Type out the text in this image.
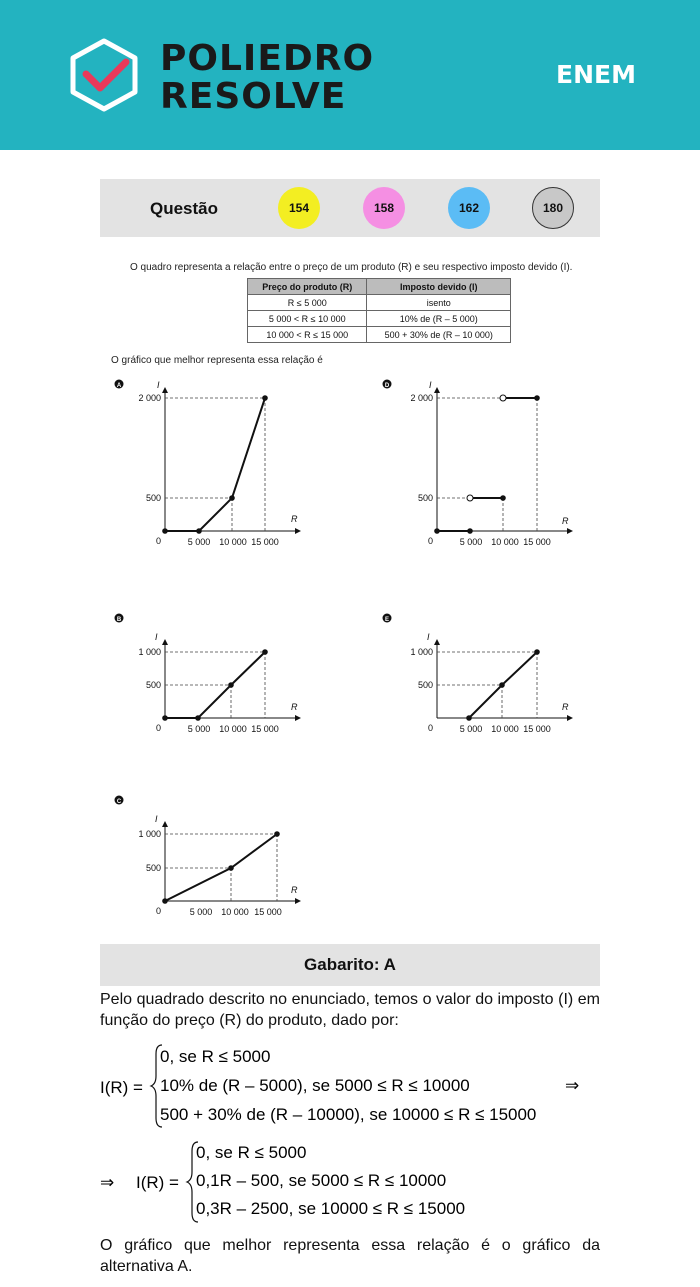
POLIEDRO
RESOLVE
ENEM
Questão	154	158	162	180
O quadro representa a relação entre o preço de um produto (R) e seu respectivo imposto devido (I).
Preço do produto (R)	Imposto devido (I)
R ≤ 5 000	isento
5 000 < R ≤ 10 000	10% de (R – 5 000)
10 000 < R ≤ 15 000	500 + 30% de (R – 10 000)
O gráfico que melhor representa essa relação é
A	I
R
0
2 000
500
5 000 10 000 15 000
D	I
R
0
2 000
500
5 000 10 000 15 000
B
I
R
0
1 000
500
5 000 10 000 15 000
E
I
R
0
1 000
500
5 000 10 000 15 000
C
I
R
0
1 000
500
5 000 10 000 15 000
Gabarito: A
Pelo quadrado descrito no enunciado, temos o valor do imposto (I) em função do preço (R) do produto, dado por:
I(R) =
0, se R ≤ 5000
10% de (R – 5000), se 5000 ≤ R ≤ 10000
500 + 30% de (R – 10000), se 10000 ≤ R ≤ 15000
⇒
⇒ I(R) =
0, se R ≤ 5000
0,1R – 500, se 5000 ≤ R ≤ 10000
0,3R – 2500, se 10000 ≤ R ≤ 15000
O gráfico que melhor representa essa relação é o gráfico da alternativa A.
